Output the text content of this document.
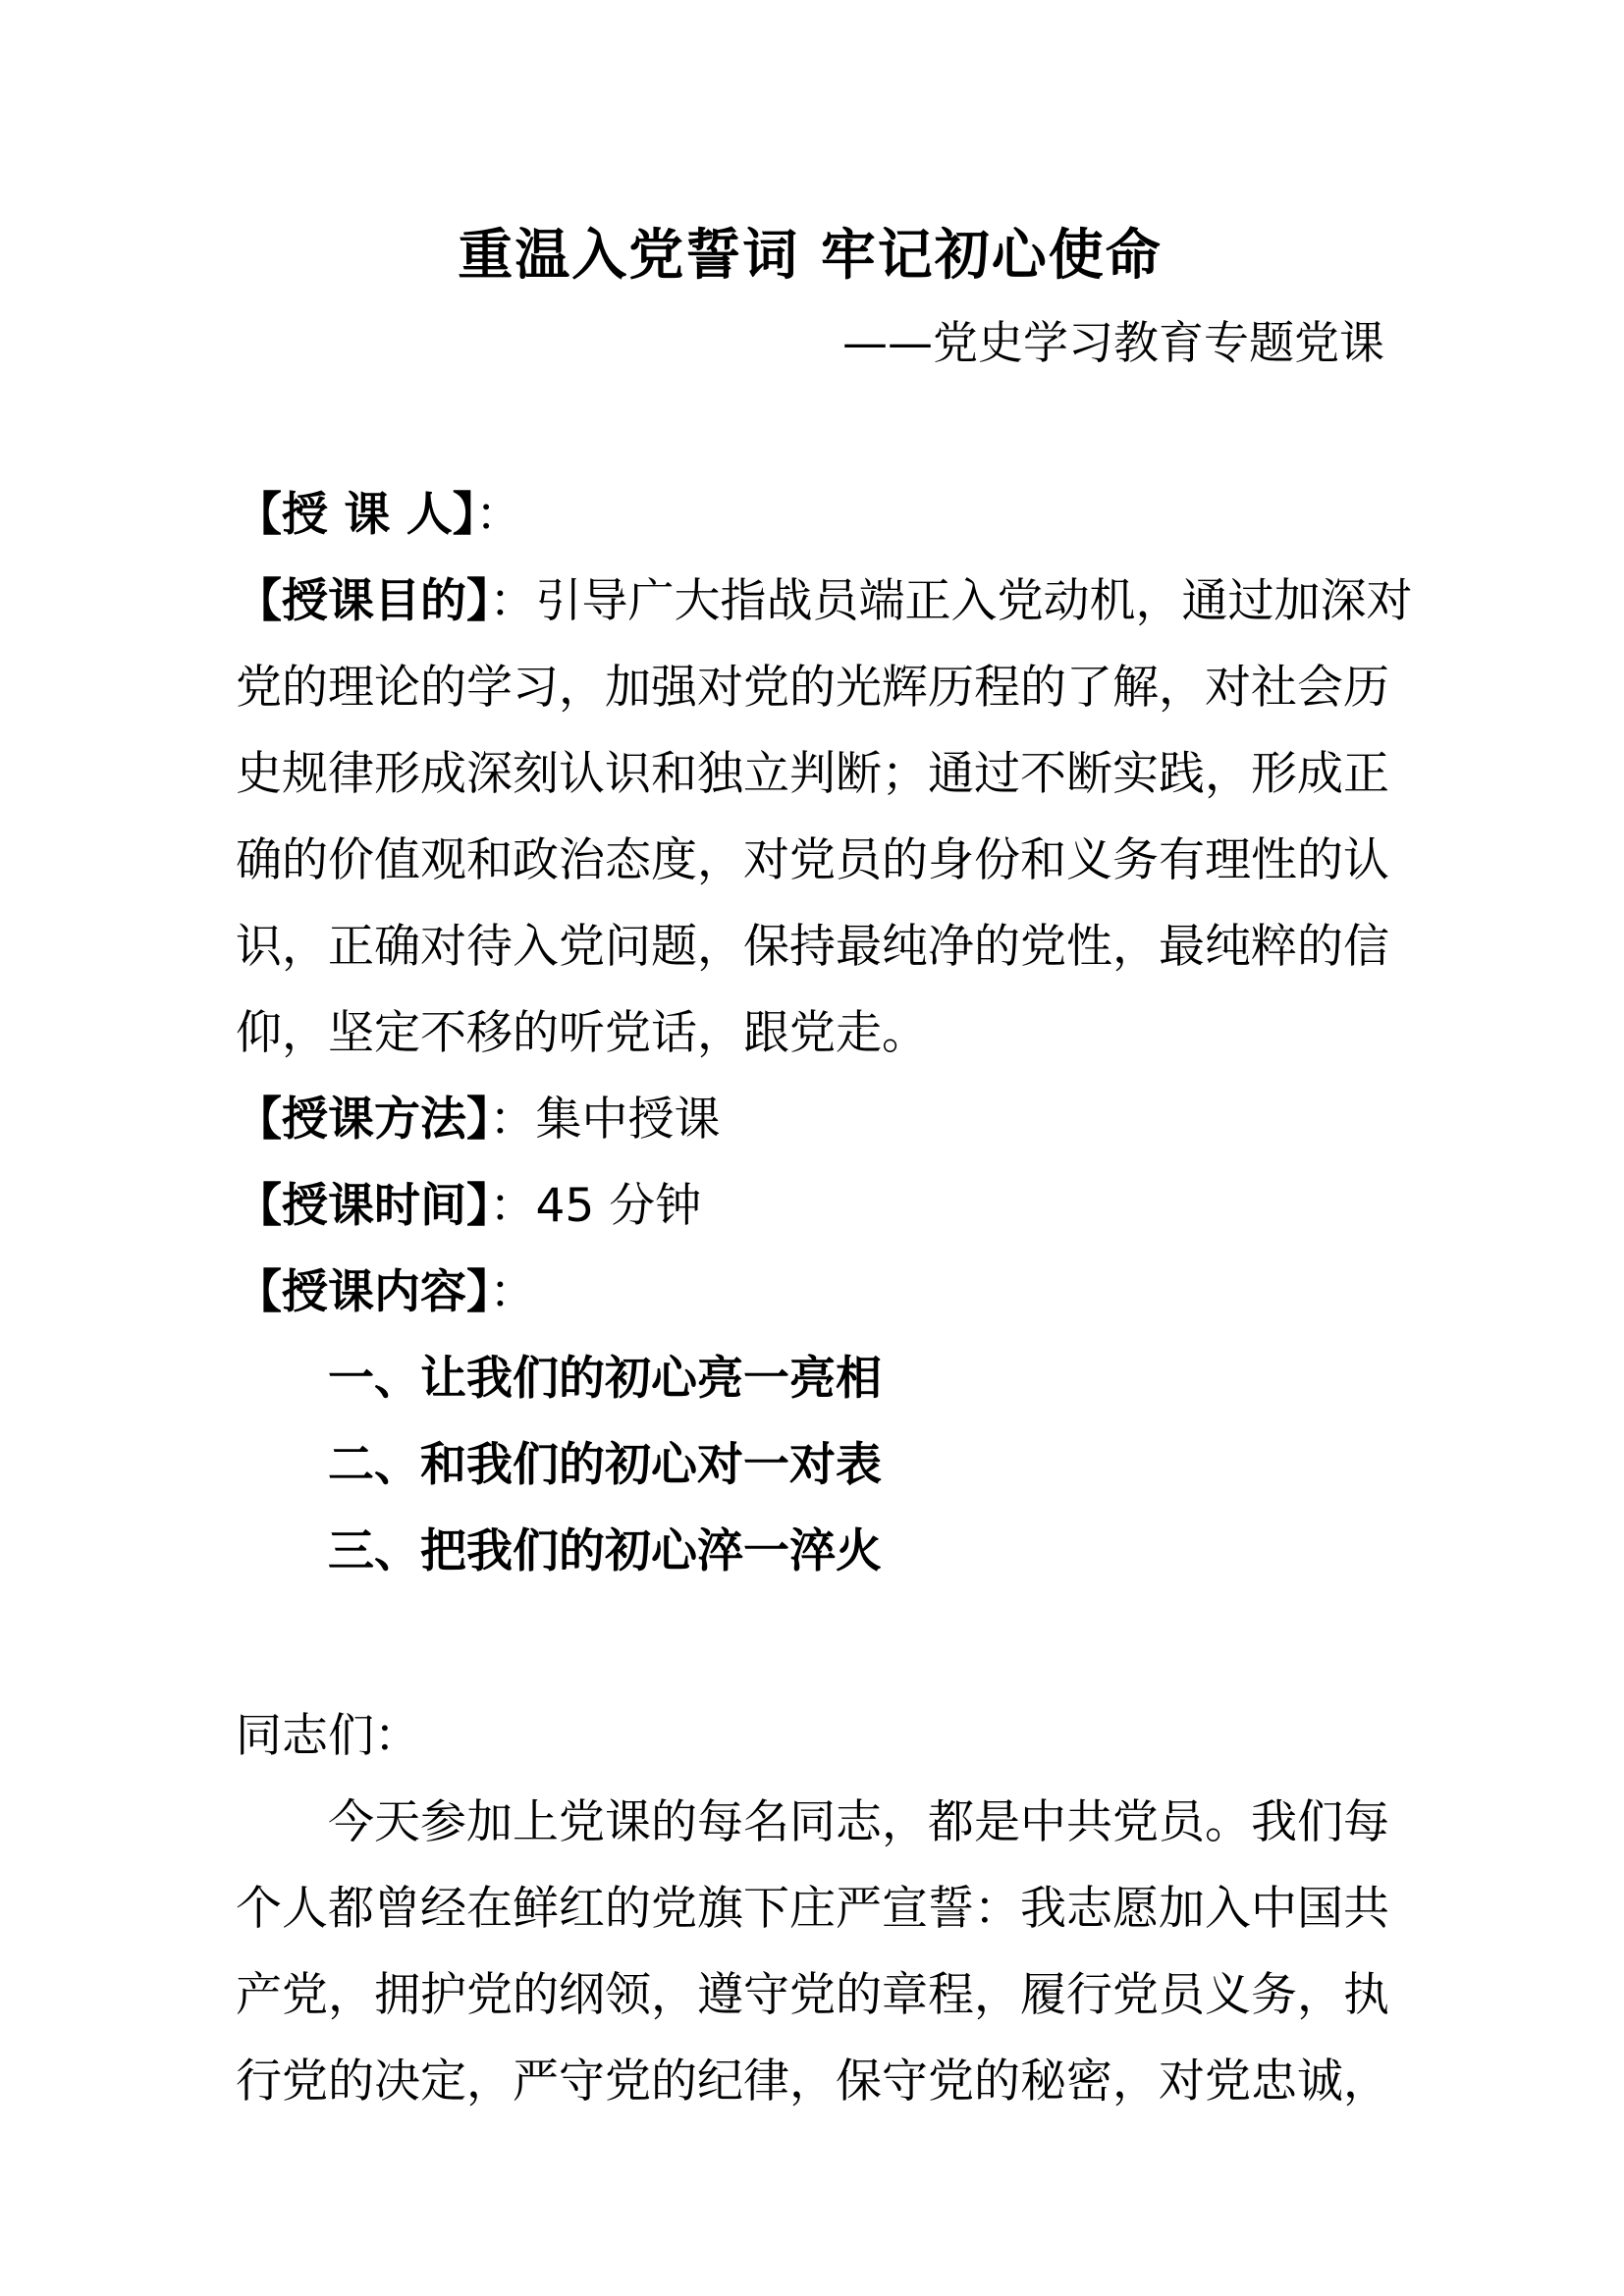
重温入党誓词 牢记初心使命
——党史学习教育专题党课
【授 课 人】：
【授课目的】：引导广大指战员端正入党动机，通过加深对
党的理论的学习，加强对党的光辉历程的了解，对社会历
史规律形成深刻认识和独立判断；通过不断实践，形成正
确的价值观和政治态度，对党员的身份和义务有理性的认
识，正确对待入党问题，保持最纯净的党性，最纯粹的信
仰，坚定不移的听党话，跟党走。
【授课方法】：集中授课
【授课时间】：45 分钟
【授课内容】：
一、让我们的初心亮一亮相
二、和我们的初心对一对表
三、把我们的初心淬一淬火
同志们：
今天参加上党课的每名同志，都是中共党员。我们每
个人都曾经在鲜红的党旗下庄严宣誓：我志愿加入中国共
产党，拥护党的纲领，遵守党的章程，履行党员义务，执
行党的决定，严守党的纪律，保守党的秘密，对党忠诚，
